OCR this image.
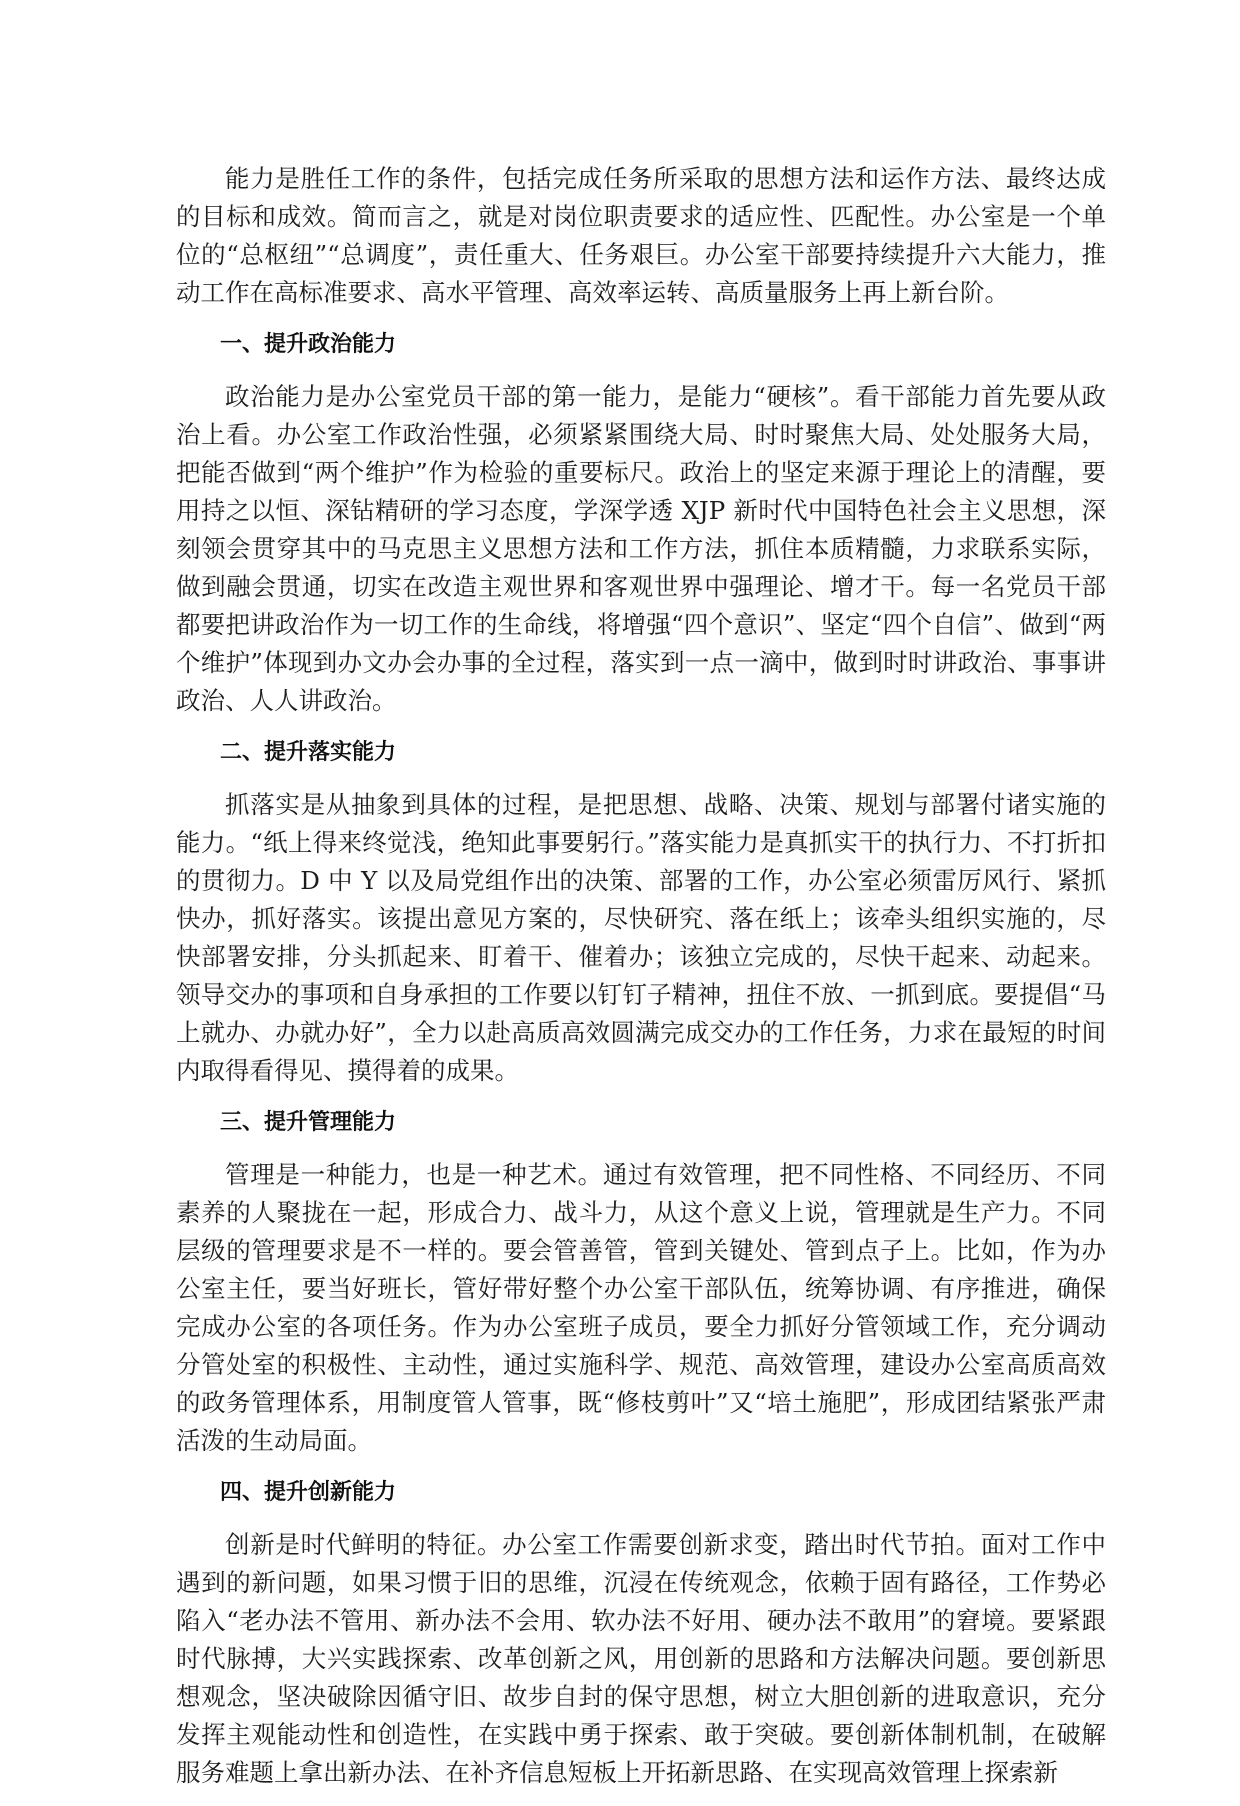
能力是胜任工作的条件，包括完成任务所采取的思想方法和运作方法、最终达成的目标和成效。简而言之，就是对岗位职责要求的适应性、匹配性。办公室是一个单位的“总枢纽”“总调度”，责任重大、任务艰巨。办公室干部要持续提升六大能力，推动工作在高标准要求、高水平管理、高效率运转、高质量服务上再上新台阶。

一、提升政治能力

政治能力是办公室党员干部的第一能力，是能力“硬核”。看干部能力首先要从政治上看。办公室工作政治性强，必须紧紧围绕大局、时时聚焦大局、处处服务大局，把能否做到“两个维护”作为检验的重要标尺。政治上的坚定来源于理论上的清醒，要用持之以恒、深钻精研的学习态度，学深学透 XJP 新时代中国特色社会主义思想，深刻领会贯穿其中的马克思主义思想方法和工作方法，抓住本质精髓，力求联系实际，做到融会贯通，切实在改造主观世界和客观世界中强理论、增才干。每一名党员干部都要把讲政治作为一切工作的生命线，将增强“四个意识”、坚定“四个自信”、做到“两个维护”体现到办文办会办事的全过程，落实到一点一滴中，做到时时讲政治、事事讲政治、人人讲政治。

二、提升落实能力

抓落实是从抽象到具体的过程，是把思想、战略、决策、规划与部署付诸实施的能力。“纸上得来终觉浅，绝知此事要躬行。”落实能力是真抓实干的执行力、不打折扣的贯彻力。D 中 Y 以及局党组作出的决策、部署的工作，办公室必须雷厉风行、紧抓快办，抓好落实。该提出意见方案的，尽快研究、落在纸上；该牵头组织实施的，尽快部署安排，分头抓起来、盯着干、催着办；该独立完成的，尽快干起来、动起来。领导交办的事项和自身承担的工作要以钉钉子精神，扭住不放、一抓到底。要提倡“马上就办、办就办好”，全力以赴高质高效圆满完成交办的工作任务，力求在最短的时间内取得看得见、摸得着的成果。

三、提升管理能力

管理是一种能力，也是一种艺术。通过有效管理，把不同性格、不同经历、不同素养的人聚拢在一起，形成合力、战斗力，从这个意义上说，管理就是生产力。不同层级的管理要求是不一样的。要会管善管，管到关键处、管到点子上。比如，作为办公室主任，要当好班长，管好带好整个办公室干部队伍，统筹协调、有序推进，确保完成办公室的各项任务。作为办公室班子成员，要全力抓好分管领域工作，充分调动分管处室的积极性、主动性，通过实施科学、规范、高效管理，建设办公室高质高效的政务管理体系，用制度管人管事，既“修枝剪叶”又“培土施肥”，形成团结紧张严肃活泼的生动局面。

四、提升创新能力

创新是时代鲜明的特征。办公室工作需要创新求变，踏出时代节拍。面对工作中遇到的新问题，如果习惯于旧的思维，沉浸在传统观念，依赖于固有路径，工作势必陷入“老办法不管用、新办法不会用、软办法不好用、硬办法不敢用”的窘境。要紧跟时代脉搏，大兴实践探索、改革创新之风，用创新的思路和方法解决问题。要创新思想观念，坚决破除因循守旧、故步自封的保守思想，树立大胆创新的进取意识，充分发挥主观能动性和创造性，在实践中勇于探索、敢于突破。要创新体制机制，在破解服务难题上拿出新办法、在补齐信息短板上开拓新思路、在实现高效管理上探索新
